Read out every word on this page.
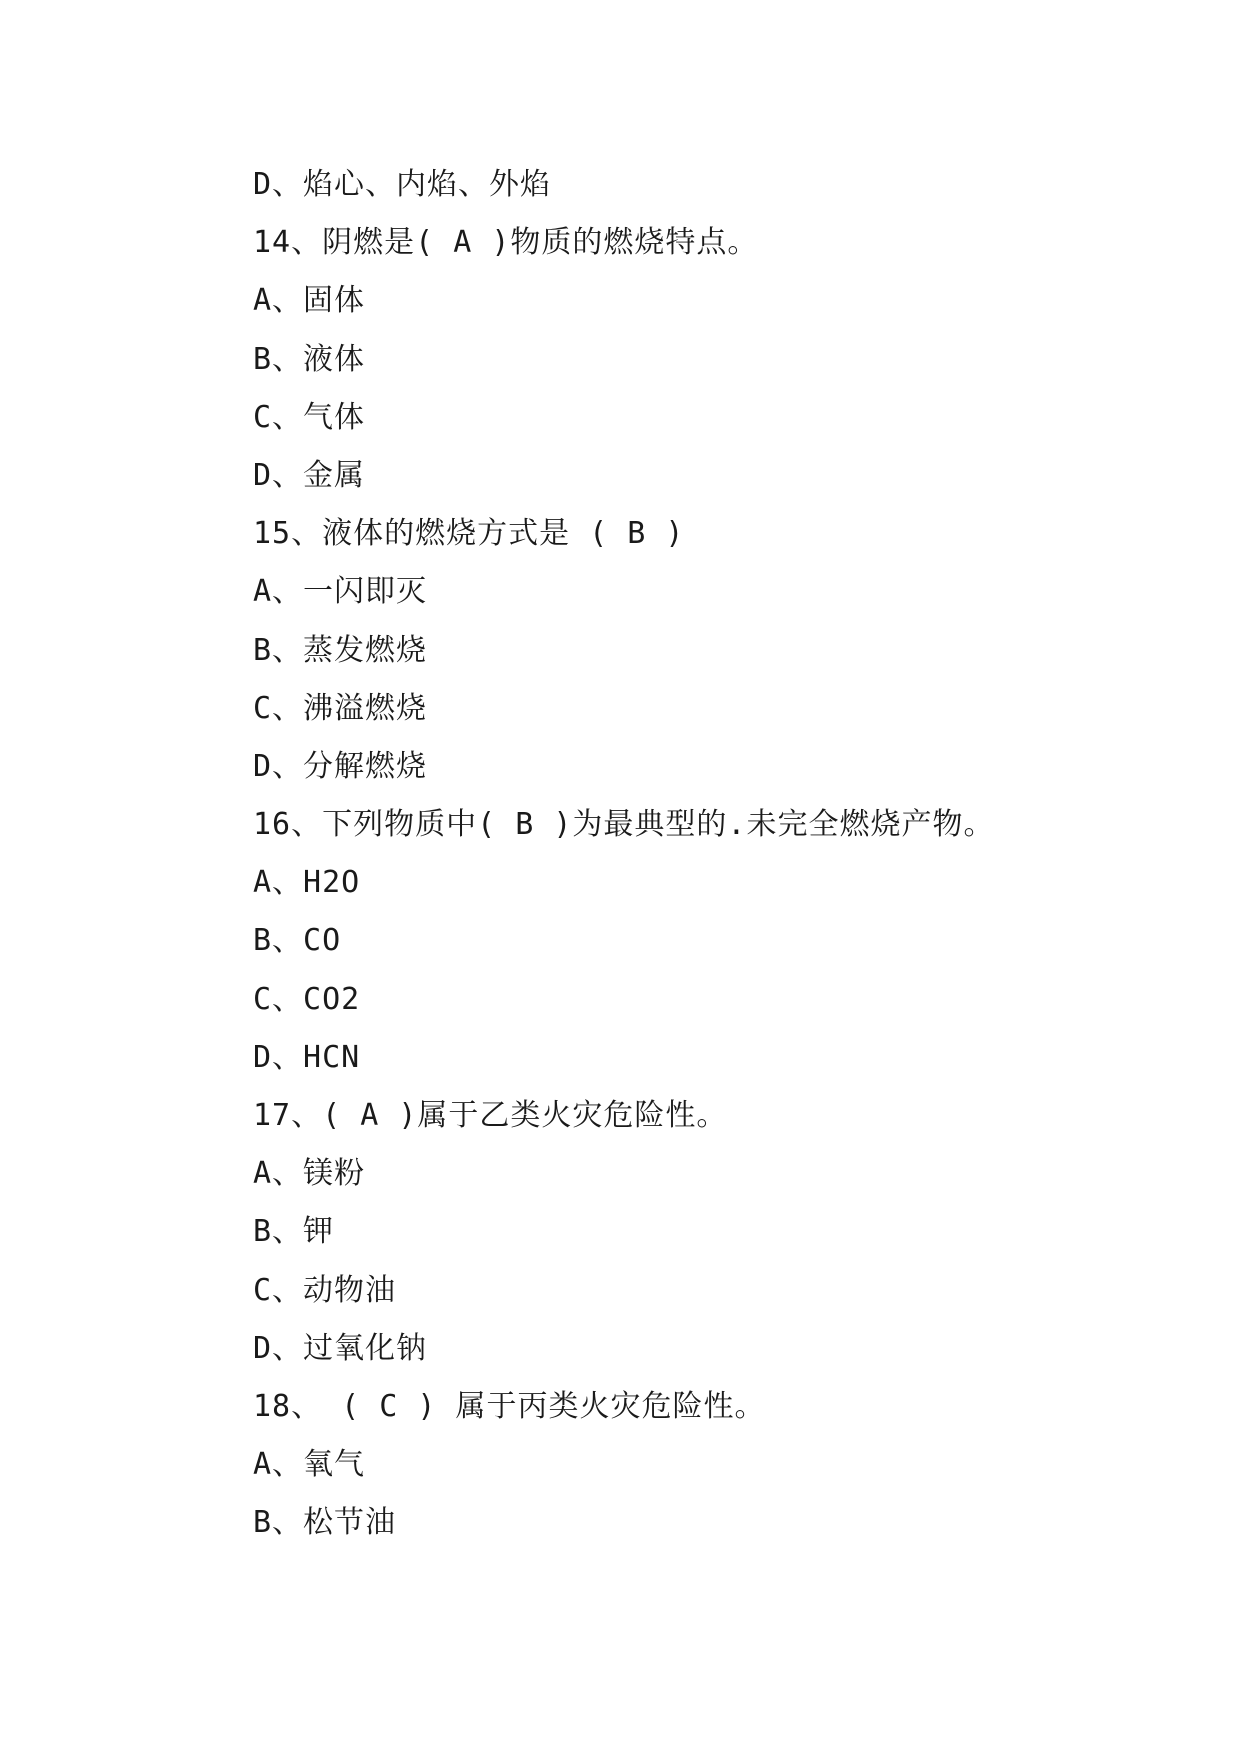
D、焰心、内焰、外焰
14、阴燃是( A )物质的燃烧特点。
A、固体
B、液体
C、气体
D、金属
15、液体的燃烧方式是 ( B )
A、一闪即灭
B、蒸发燃烧
C、沸溢燃烧
D、分解燃烧
16、下列物质中( B )为最典型的.未完全燃烧产物。
A、H2O
B、CO
C、CO2
D、HCN
17、( A )属于乙类火灾危险性。
A、镁粉
B、钾
C、动物油
D、过氧化钠
18、 ( C ) 属于丙类火灾危险性。
A、氧气
B、松节油
